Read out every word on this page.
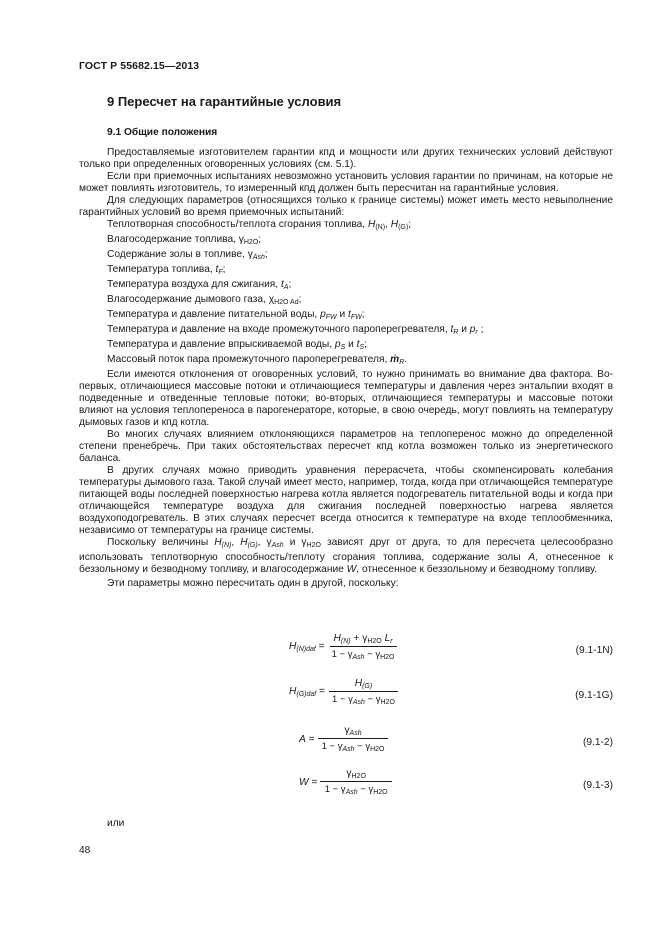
ГОСТ Р 55682.15—2013
9 Пересчет на гарантийные условия
9.1 Общие положения

Предоставляемые изготовителем гарантии кпд и мощности или других технических условий действуют только при определенных оговоренных условиях (см. 5.1).

Если при приемочных испытаниях невозможно установить условия гарантии по причинам, на которые не может повлиять изготовитель, то измеренный кпд должен быть пересчитан на гарантийные условия.

Для следующих параметров (относящихся только к границе системы) может иметь место невыполнение гарантийных условий во время приемочных испытаний:

Теплотворная способность/теплота сгорания топлива, $H_{(N)}$, $H_{(G)}$;

Влагосодержание топлива, $\gamma_{H2O}$;

Содержание золы в топливе, $\gamma_{Ash}$;

Температура топлива, $t_F$;

Температура воздуха для сжигания, $t_A$;

Влагосодержание дымового газа, $\chi_{H2O Ad}$;

Температура и давление питательной воды, $p_{FW}$ и $t_{FW}$;

Температура и давление на входе промежуточного пароперегревателя, $t_R$ и $p_r$ ;

Температура и давление впрыскиваемой воды, $p_S$ и $t_S$;

Массовый поток пара промежуточного пароперегревателя, ṁ$_R$.

Если имеются отклонения от оговоренных условий, то нужно принимать во внимание два фактора. Во-первых, отличающиеся массовые потоки и отличающиеся температуры и давления через энтальпии входят в подведенные и отведенные тепловые потоки; во-вторых, отличающиеся температуры и массовые потоки влияют на условия теплопереноса в парогенераторе, которые, в свою очередь, могут повлиять на температуру дымовых газов и кпд котла.

Во многих случаях влиянием отклоняющихся параметров на теплоперенос можно до определенной степени пренебречь. При таких обстоятельствах пересчет кпд котла возможен только из энергетического баланса.

В других случаях можно приводить уравнения перерасчета, чтобы скомпенсировать колебания температуры дымового газа. Такой случай имеет место, например, тогда, когда при отличающейся температуре питающей воды последней поверхностью нагрева котла является подогреватель питательной воды и когда при отличающейся температуре воздуха для сжигания последней поверхностью нагрева является воздухоподогреватель. В этих случаях пересчет всегда относится к температуре на входе теплообменника, независимо от температуры на границе системы.

Поскольку величины $H_{(N)}$, $H_{(G)}$, $\gamma_{Ash}$ и $\gamma_{H2O}$ зависят друг от друга, то для пересчета целесообразно использовать теплотворную способность/теплоту сгорания топлива, содержание золы A, отнесенное к беззольному и безводному топливу, и влагосодержание W, отнесенное к беззольному и безводному топливу.

Эти параметры можно пересчитать один в другой, поскольку:

$H_{(N)daf} = \frac{H_{(N)} + \gamma_{H2O} L_r}{1 - \gamma_{Ash} - \gamma_{H2O}}$	(9.1-1N)
$H_{(G)daf} = \frac{H_{(G)}}{1 - \gamma_{Ash} - \gamma_{H2O}}$	(9.1-1G)
$A = \frac{\gamma_{Ash}}{1 - \gamma_{Ash} - \gamma_{H2O}}$	(9.1-2)
$W = \frac{\gamma_{H2O}}{1 - \gamma_{Ash} - \gamma_{H2O}}$	(9.1-3)
или
48
